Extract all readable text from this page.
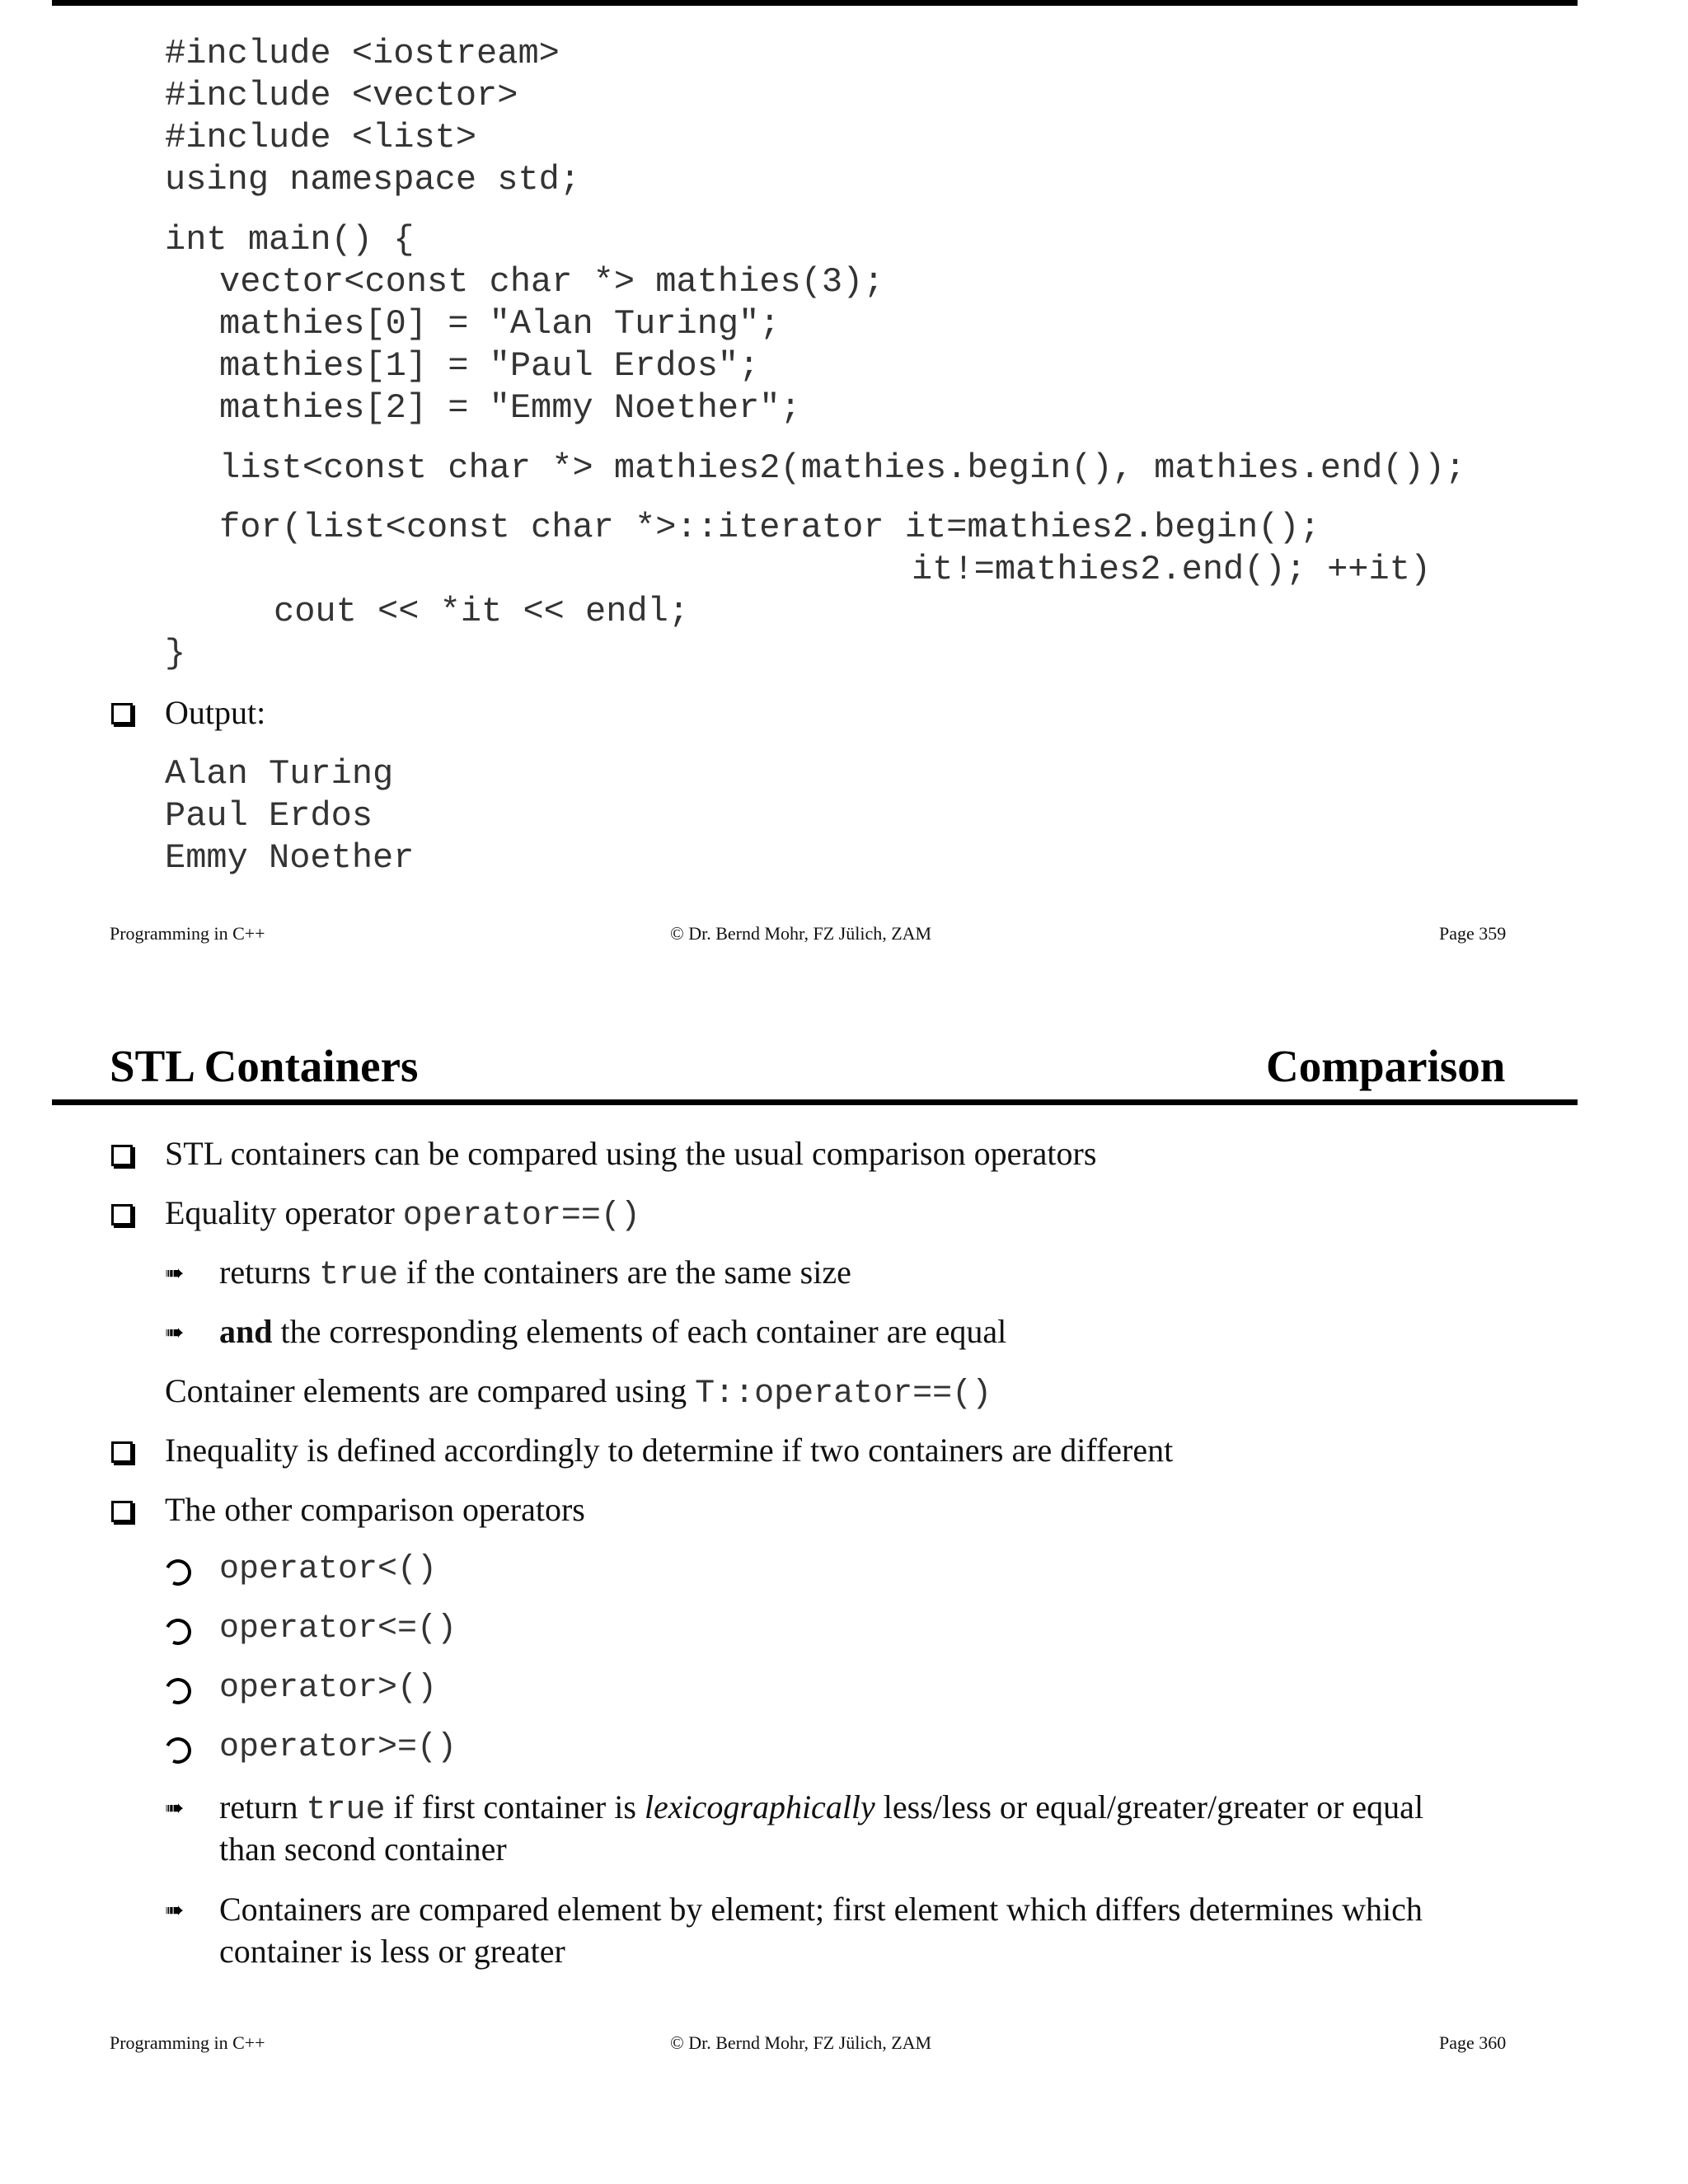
#include <iostream>
#include <vector>
#include <list>
using namespace std;
int main() {
vector<const char *> mathies(3);
mathies[0] = "Alan Turing";
mathies[1] = "Paul Erdos";
mathies[2] = "Emmy Noether";
list<const char *> mathies2(mathies.begin(), mathies.end());
for(list<const char *>::iterator it=mathies2.begin();
it!=mathies2.end(); ++it)
cout << *it << endl;
}
Output:
Alan Turing
Paul Erdos
Emmy Noether
Programming in C++	© Dr. Bernd Mohr, FZ Jülich, ZAM	Page 359
STL Containers	Comparison
STL containers can be compared using the usual comparison operators
Equality operator operator==()
➠ returns true if the containers are the same size
➠ and the corresponding elements of each container are equal
Container elements are compared using T::operator==()
Inequality is defined accordingly to determine if two containers are different
The other comparison operators
operator<()
operator<=()
operator>()
operator>=()
➠ return true if first container is lexicographically less/less or equal/greater/greater or equal
than second container
➠ Containers are compared element by element; first element which differs determines which
container is less or greater
Programming in C++	© Dr. Bernd Mohr, FZ Jülich, ZAM	Page 360
